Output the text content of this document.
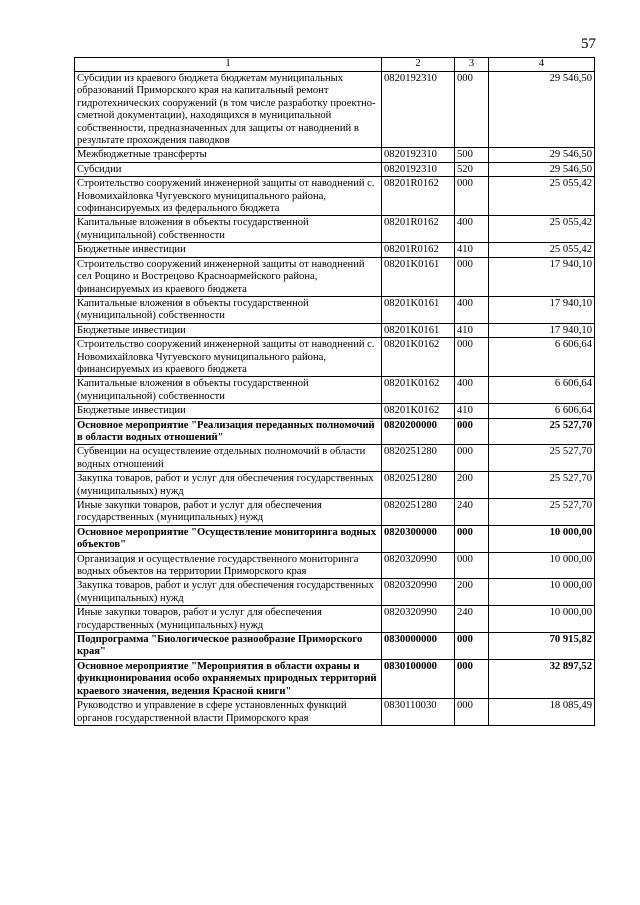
57
1	2	3	4
Субсидии из краевого бюджета бюджетам муниципальных образований Приморского края на капитальный ремонт гидротехнических сооружений (в том числе разработку проектно-сметной документации), находящихся в муниципальной собственности, предназначенных для защиты от наводнений в результате прохождения паводков	0820192310	000	29 546,50
Межбюджетные трансферты	0820192310	500	29 546,50
Субсидии	0820192310	520	29 546,50
Строительство сооружений инженерной защиты от наводнений с. Новомихайловка Чугуевского муниципального района, софинансируемых из федерального бюджета	08201R0162	000	25 055,42
Капитальные вложения в объекты государственной (муниципальной) собственности	08201R0162	400	25 055,42
Бюджетные инвестиции	08201R0162	410	25 055,42
Строительство сооружений инженерной защиты от наводнений сел Рощино и Вострецово Красноармейского района, финансируемых из краевого бюджета	08201K0161	000	17 940,10
Капитальные вложения в объекты государственной (муниципальной) собственности	08201K0161	400	17 940,10
Бюджетные инвестиции	08201K0161	410	17 940,10
Строительство сооружений инженерной защиты от наводнений с. Новомихайловка Чугуевского муниципального района, финансируемых из краевого бюджета	08201K0162	000	6 606,64
Капитальные вложения в объекты государственной (муниципальной) собственности	08201K0162	400	6 606,64
Бюджетные инвестиции	08201K0162	410	6 606,64
Основное мероприятие "Реализация переданных полномочий в области водных отношений"	0820200000	000	25 527,70
Субвенции на осуществление отдельных полномочий в области водных отношений	0820251280	000	25 527,70
Закупка товаров, работ и услуг для обеспечения государственных (муниципальных) нужд	0820251280	200	25 527,70
Иные закупки товаров, работ и услуг для обеспечения государственных (муниципальных) нужд	0820251280	240	25 527,70
Основное мероприятие "Осуществление мониторинга водных объектов"	0820300000	000	10 000,00
Организация и осуществление государственного мониторинга водных объектов на территории Приморского края	0820320990	000	10 000,00
Закупка товаров, работ и услуг для обеспечения государственных (муниципальных) нужд	0820320990	200	10 000,00
Иные закупки товаров, работ и услуг для обеспечения государственных (муниципальных) нужд	0820320990	240	10 000,00
Подпрограмма "Биологическое разнообразие Приморского края"	0830000000	000	70 915,82
Основное мероприятие "Мероприятия в области охраны и функционирования особо охраняемых природных территорий краевого значения, ведения Красной книги"	0830100000	000	32 897,52
Руководство и управление в сфере установленных функций органов государственной власти Приморского края	0830110030	000	18 085,49
